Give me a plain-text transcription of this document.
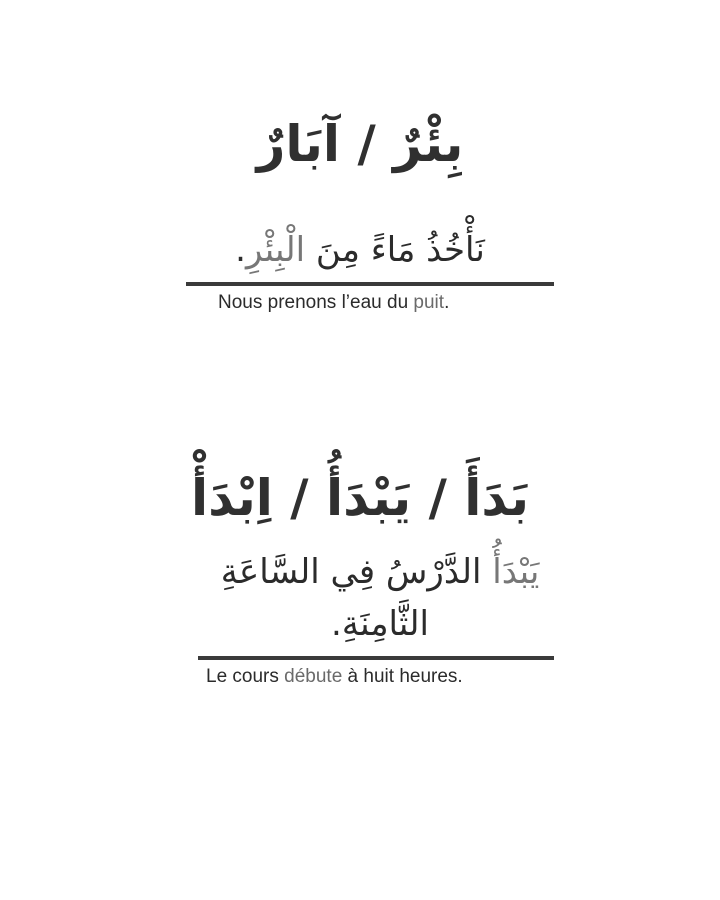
بِئْرٌ / آبَارٌ
نَأْخُذُ مَاءً مِنَ الْبِئْرِ.
Nous prenons l’eau du puit.
بَدَأَ / يَبْدَأُ / اِبْدَأْ
يَبْدَأُ الدَّرْسُ فِي السَّاعَةِ الثَّامِنَةِ.
Le cours débute à huit heures.
